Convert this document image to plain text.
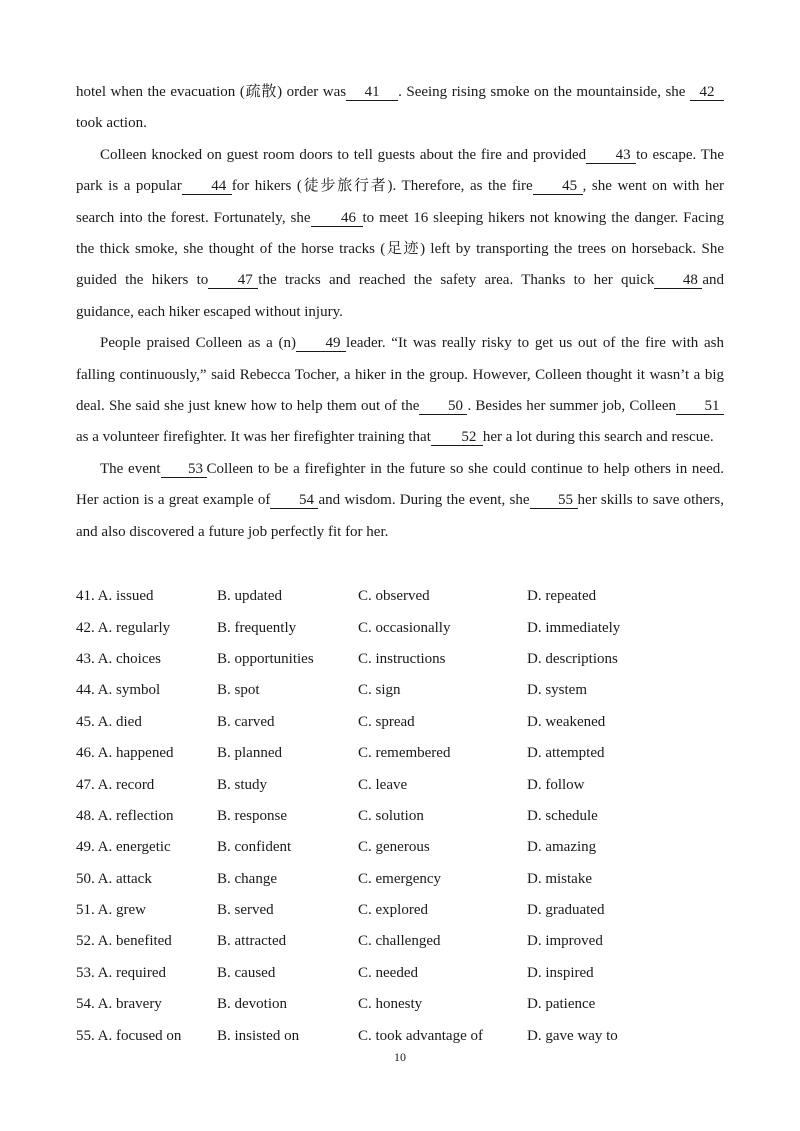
hotel when the evacuation (疏散) order was 41 . Seeing rising smoke on the mountainside, she 42took action.

Colleen knocked on guest room doors to tell guests about the fire and provided 43 to escape. The park is a popular 44 for hikers (徒步旅行者). Therefore, as the fire 45 , she went on with her search into the forest. Fortunately, she 46 to meet 16 sleeping hikers not knowing the danger. Facing the thick smoke, she thought of the horse tracks (足迹) left by transporting the trees on horseback. She guided the hikers to 47 the tracks and reached the safety area. Thanks to her quick 48 and guidance, each hiker escaped without injury.

People praised Colleen as a (n) 49 leader. “It was really risky to get us out of the fire with ash falling continuously,” said Rebecca Tocher, a hiker in the group. However, Colleen thought it wasn’t a big deal. She said she just knew how to help them out of the 50 . Besides her summer job, Colleen 51as a volunteer firefighter. It was her firefighter training that 52 her a lot during this search and rescue.

The event 53 Colleen to be a firefighter in the future so she could continue to help others in need. Her action is a great example of 54 and wisdom. During the event, she 55 her skills to save others, and also discovered a future job perfectly fit for her.

41. A. issued	B. updated	C. observed	D. repeated
42. A. regularly	B. frequently	C. occasionally	D. immediately
43. A. choices	B. opportunities	C. instructions	D. descriptions
44. A. symbol	B. spot	C. sign	D. system
45. A. died	B. carved	C. spread	D. weakened
46. A. happened	B. planned	C. remembered	D. attempted
47. A. record	B. study	C. leave	D. follow
48. A. reflection	B. response	C. solution	D. schedule
49. A. energetic	B. confident	C. generous	D. amazing
50. A. attack	B. change	C. emergency	D. mistake
51. A. grew	B. served	C. explored	D. graduated
52. A. benefited	B. attracted	C. challenged	D. improved
53. A. required	B. caused	C. needed	D. inspired
54. A. bravery	B. devotion	C. honesty	D. patience
55. A. focused on	B. insisted on	C. took advantage of	D. gave way to
10
